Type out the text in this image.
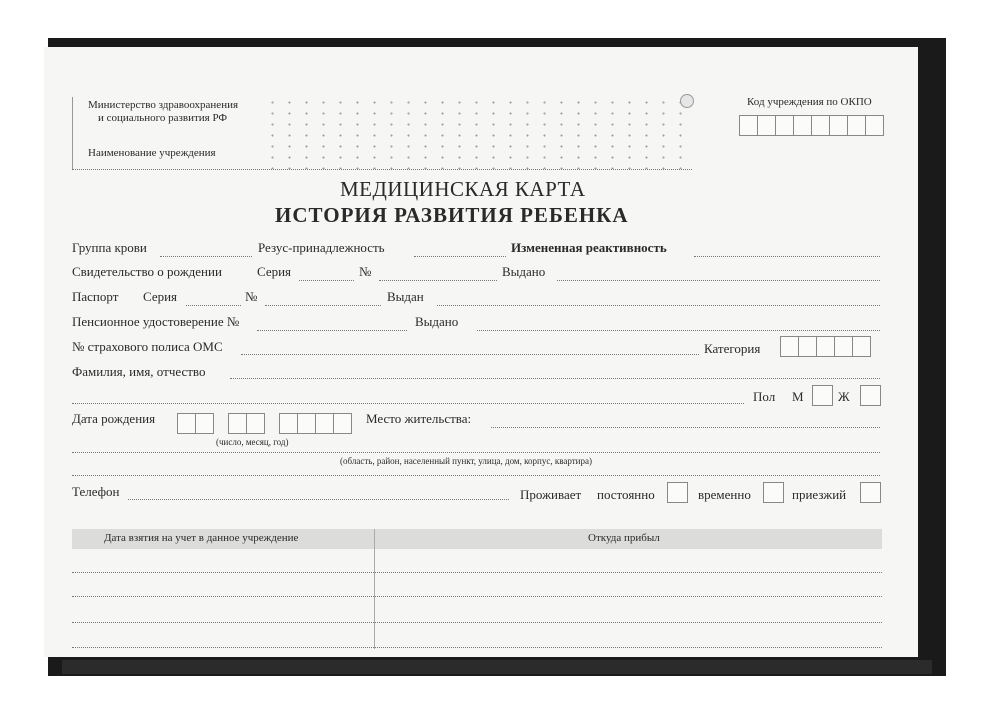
Министерство здравоохранения
и социального развития РФ
Наименование учреждения
Код учреждения по ОКПО
МЕДИЦИНСКАЯ КАРТА
ИСТОРИЯ РАЗВИТИЯ РЕБЕНКА
Группа крови	Резус-принадлежность	Измененная реактивность
Свидетельство о рождении	Серия	№	Выдано
Паспорт Серия	№	Выдан
Пенсионное удостоверение №	Выдано
№ страхового полиса ОМС	Категория
Фамилия, имя, отчество
Пол М	Ж
Дата рождения
(число, месяц, год)
Место жительства:
(область, район, населенный пункт, улица, дом, корпус, квартира)
Телефон	Проживает постоянно	временно	приезжий
Дата взятия на учет в данное учреждение	Откуда прибыл
